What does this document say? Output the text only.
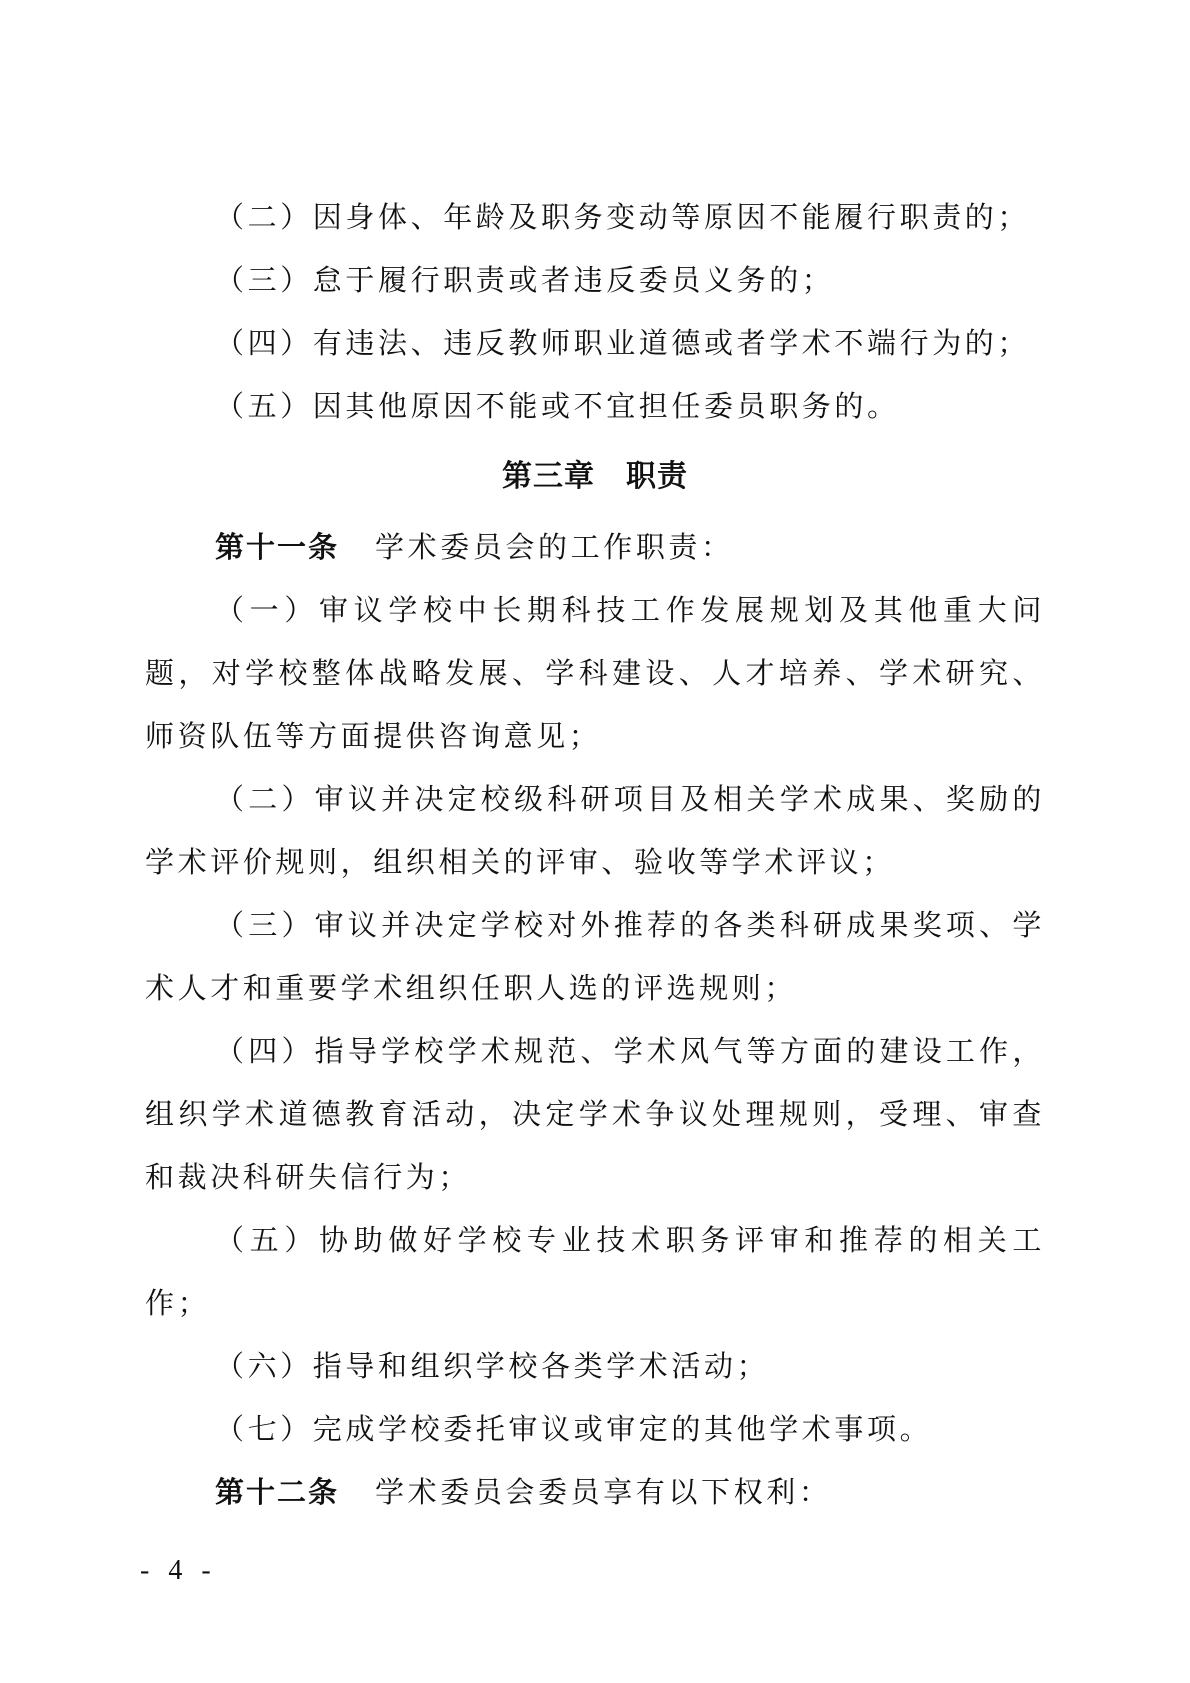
（二）因身体、年龄及职务变动等原因不能履行职责的；

（三）怠于履行职责或者违反委员义务的；

（四）有违法、违反教师职业道德或者学术不端行为的；

（五）因其他原因不能或不宜担任委员职务的。

第三章　职责

第十一条 学术委员会的工作职责：

（一）审议学校中长期科技工作发展规划及其他重大问题，对学校整体战略发展、学科建设、人才培养、学术研究、师资队伍等方面提供咨询意见；

（二）审议并决定校级科研项目及相关学术成果、奖励的学术评价规则，组织相关的评审、验收等学术评议；

（三）审议并决定学校对外推荐的各类科研成果奖项、学术人才和重要学术组织任职人选的评选规则；

（四）指导学校学术规范、学术风气等方面的建设工作，组织学术道德教育活动，决定学术争议处理规则，受理、审查和裁决科研失信行为；

（五）协助做好学校专业技术职务评审和推荐的相关工作；

（六）指导和组织学校各类学术活动；

（七）完成学校委托审议或审定的其他学术事项。

第十二条 学术委员会委员享有以下权利：

- 4 -
